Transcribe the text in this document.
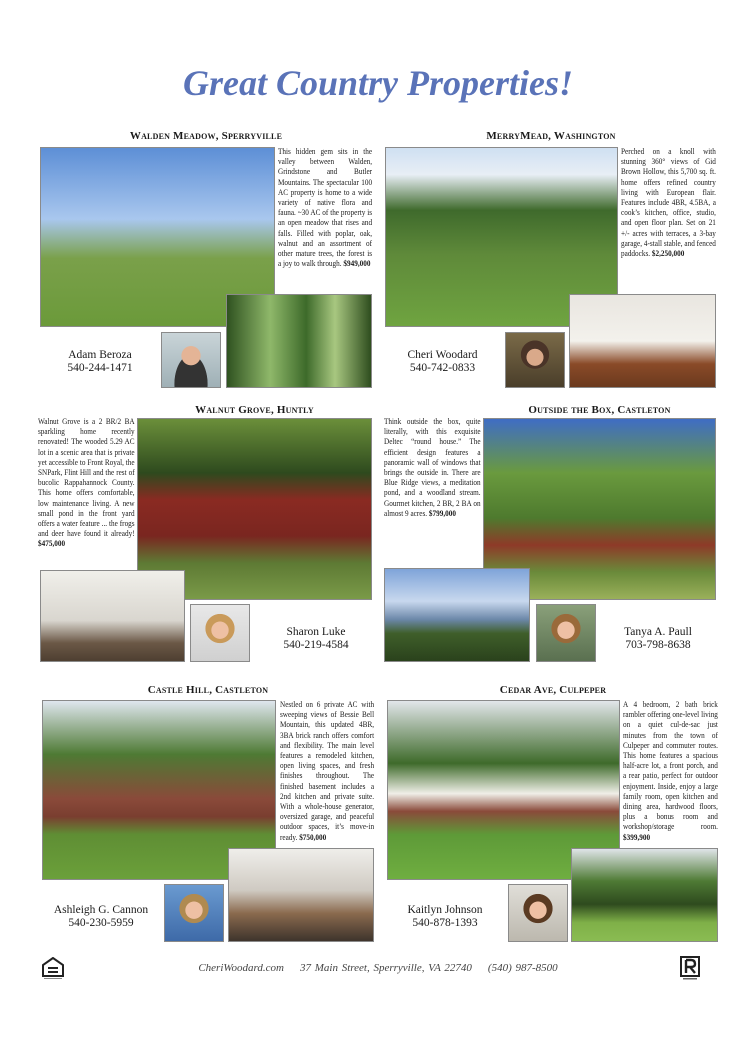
Great Country Properties!
Walden Meadow, Sperryville
This hidden gem sits in the valley between Walden, Grindstone and Butler Mountains. The spectacular 100 AC property is home to a wide variety of native flora and fauna. ~30 AC of the property is an open meadow that rises and falls. Filled with poplar, oak, walnut and an assortment of other mature trees, the forest is a joy to walk through. $949,000
Adam Beroza
540-244-1471
MerryMead, Washington
Perched on a knoll with stunning 360° views of Gid Brown Hollow, this 5,700 sq. ft. home offers refined country living with European flair. Features include 4BR, 4.5BA, a cook’s kitchen, office, studio, and open floor plan. Set on 21 +/- acres with terraces, a 3-bay garage, 4-stall stable, and fenced paddocks. $2,250,000
Cheri Woodard
540-742-0833
Walnut Grove, Huntly
Walnut Grove is a 2 BR/2 BA sparkling home recently renovated! The wooded 5.29 AC lot in a scenic area that is private yet accessible to Front Royal, the SNPark, Flint Hill and the rest of bucolic Rappahannock County. This home offers comfortable, low maintenance living. A new small pond in the front yard offers a water feature ... the frogs and deer have found it already! $475,000
Sharon Luke
540-219-4584
Outside the Box, Castleton
Think outside the box, quite literally, with this exquisite Deltec “round house.” The efficient design features a panoramic wall of windows that brings the outside in. There are Blue Ridge views, a meditation pond, and a woodland stream. Gourmet kitchen, 2 BR, 2 BA on almost 9 acres. $799,000
Tanya A. Paull
703-798-8638
Castle Hill, Castleton
Nestled on 6 private AC with sweeping views of Bessie Bell Mountain, this updated 4BR, 3BA brick ranch offers comfort and flexibility. The main level features a remodeled kitchen, open living spaces, and fresh finishes throughout. The finished basement includes a 2nd kitchen and private suite. With a whole-house generator, oversized garage, and peaceful outdoor spaces, it’s move-in ready. $750,000
Ashleigh G. Cannon
540-230-5959
Cedar Ave, Culpeper
A 4 bedroom, 2 bath brick rambler offering one-level living on a quiet cul-de-sac just minutes from the town of Culpeper and commuter routes. This home features a spacious half-acre lot, a front porch, and a rear patio, perfect for outdoor enjoyment. Inside, enjoy a large family room, open kitchen and dining area, hardwood floors, plus a bonus room and workshop/storage room. $399,900
Kaitlyn Johnson
540-878-1393
CheriWoodard.com 37 Main Street, Sperryville, VA 22740 (540) 987-8500
